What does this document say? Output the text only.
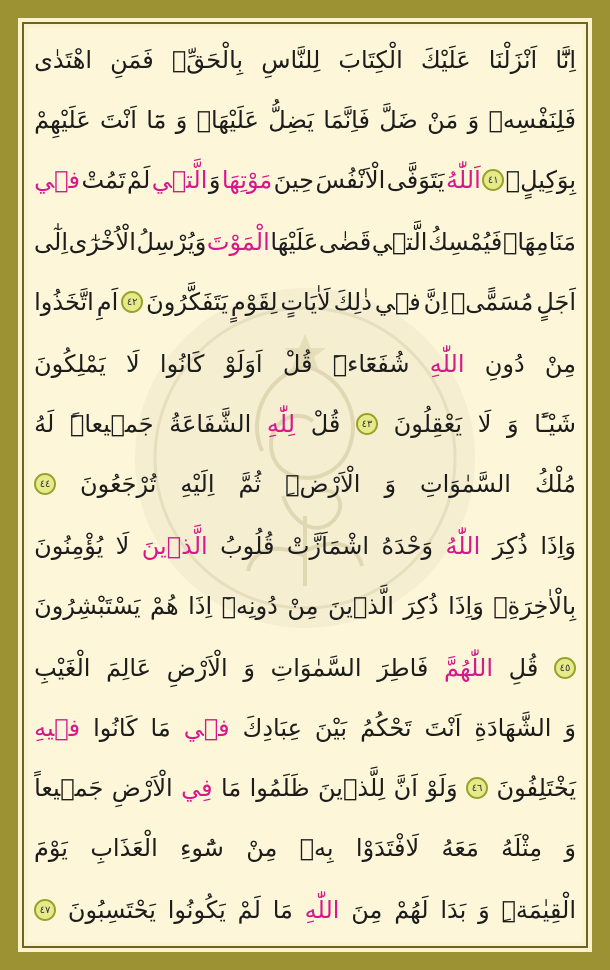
اِنَّٓا
اَنْزَلْنَا
عَلَيْكَ
الْكِتَابَ
لِلنَّاسِ
بِالْحَقِّۚ
فَمَنِ
اهْتَدٰى
فَلِنَفْسِهۚ
وَ
مَنْ
ضَلَّ
فَاِنَّمَا
يَضِلُّ
عَلَيْهَاۚ
وَ
مَٓا
اَنْتَ
عَلَيْهِمْ
بِوَكِيلٍ۟
٤١
اَللّٰهُ
يَتَوَفَّى
الْاَنْفُسَ
حِينَ
مَوْتِهَا
وَ
الَّت۪ي
لَمْ
تَمُتْ
ف۪ي
مَنَامِهَاۚ
فَيُمْسِكُ
الَّت۪ي
قَضٰى
عَلَيْهَا
الْمَوْتَ
وَيُرْسِلُ
الْاُخْرٰٓى
اِلٰٓى
اَجَلٍ
مُسَمًّىۜ
اِنَّ
ف۪ي
ذٰلِكَ
لَاٰيَاتٍ
لِقَوْمٍ
يَتَفَكَّرُونَ
٤٢
اَمِ
اتَّخَذُوا
مِنْ
دُونِ
اللّٰهِ
شُفَعَٓاءَۜ
قُلْ
اَوَلَوْ
كَانُوا
لَا
يَمْلِكُونَ
شَيْـًٔا
وَ
لَا
يَعْقِلُونَ
٤٣
قُلْ
لِلّٰهِ
الشَّفَاعَةُ
جَم۪يعاًۜ
لَهُ
مُلْكُ
السَّمٰوَاتِ
وَ
الْاَرْضِۜ
ثُمَّ
اِلَيْهِ
تُرْجَعُونَ
٤٤
وَاِذَا
ذُكِرَ
اللّٰهُ
وَحْدَهُ
اشْمَاَزَّتْ
قُلُوبُ
الَّذ۪ينَ
لَا
يُؤْمِنُونَ
بِالْاٰخِرَةِۚ
وَاِذَا
ذُكِرَ
الَّذ۪ينَ
مِنْ
دُونِه۪ٓ
اِذَا
هُمْ
يَسْتَبْشِرُونَ
٤٥
قُلِ
اللّٰهُمَّ
فَاطِرَ
السَّمٰوَاتِ
وَ
الْاَرْضِ
عَالِمَ
الْغَيْبِ
وَ
الشَّهَادَةِ
اَنْتَ
تَحْكُمُ
بَيْنَ
عِبَادِكَ
ف۪ي
مَا
كَانُوا
ف۪يهِ
يَخْتَلِفُونَ
٤٦
وَلَوْ
اَنَّ
لِلَّذ۪ينَ
ظَلَمُوا
مَا
فِي
الْاَرْضِ
جَم۪يعاً
وَ
مِثْلَهُ
مَعَهُ
لَافْتَدَوْا
بِه۪
مِنْ
سُٓوءِ
الْعَذَابِ
يَوْمَ
الْقِيٰمَةِۜ
وَ
بَدَا
لَهُمْ
مِنَ
اللّٰهِ
مَا
لَمْ
يَكُونُوا
يَحْتَسِبُونَ
٤٧
